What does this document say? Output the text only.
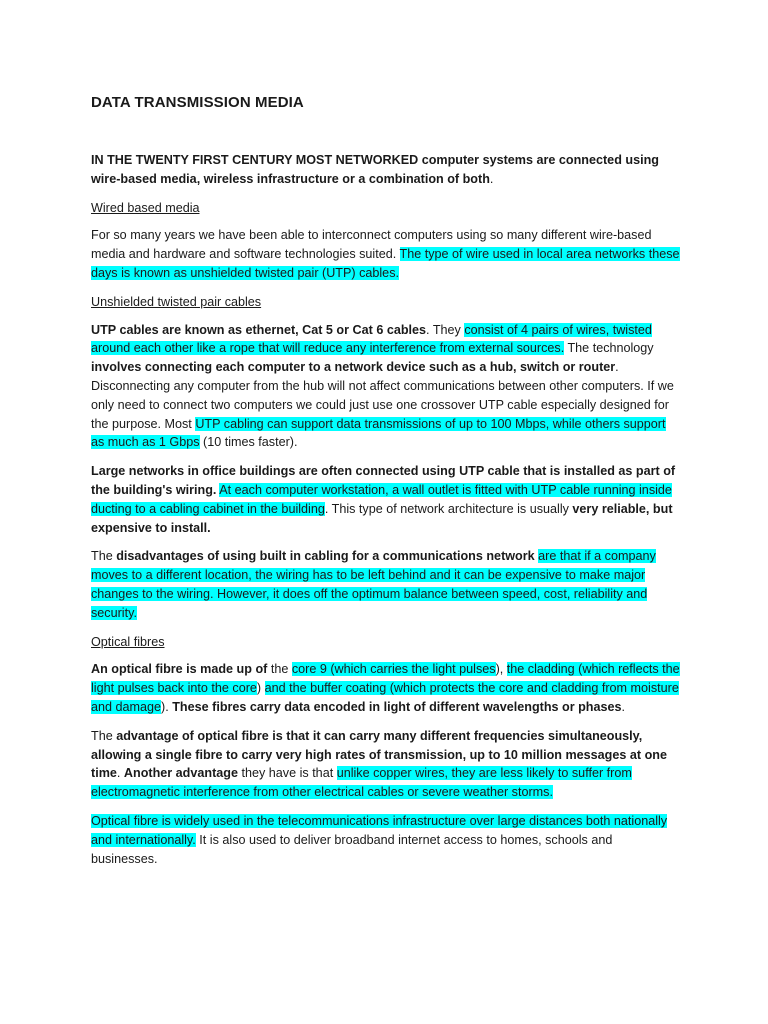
DATA TRANSMISSION MEDIA

IN THE TWENTY FIRST CENTURY MOST NETWORKED computer systems are connected using wire-based media, wireless infrastructure or a combination of both.

Wired based media

For so many years we have been able to interconnect computers using so many different wire-based media and hardware and software technologies suited. The type of wire used in local area networks these days is known as unshielded twisted pair (UTP) cables.

Unshielded twisted pair cables

UTP cables are known as ethernet, Cat 5 or Cat 6 cables. They consist of 4 pairs of wires, twisted around each other like a rope that will reduce any interference from external sources. The technology involves connecting each computer to a network device such as a hub, switch or router. Disconnecting any computer from the hub will not affect communications between other computers. If we only need to connect two computers we could just use one crossover UTP cable especially designed for the purpose. Most UTP cabling can support data transmissions of up to 100 Mbps, while others support as much as 1 Gbps (10 times faster).

Large networks in office buildings are often connected using UTP cable that is installed as part of the building's wiring. At each computer workstation, a wall outlet is fitted with UTP cable running inside ducting to a cabling cabinet in the building. This type of network architecture is usually very reliable, but expensive to install.

The disadvantages of using built in cabling for a communications network are that if a company moves to a different location, the wiring has to be left behind and it can be expensive to make major changes to the wiring. However, it does off the optimum balance between speed, cost, reliability and security.

Optical fibres

An optical fibre is made up of the core 9 (which carries the light pulses), the cladding (which reflects the light pulses back into the core) and the buffer coating (which protects the core and cladding from moisture and damage). These fibres carry data encoded in light of different wavelengths or phases.

The advantage of optical fibre is that it can carry many different frequencies simultaneously, allowing a single fibre to carry very high rates of transmission, up to 10 million messages at one time. Another advantage they have is that unlike copper wires, they are less likely to suffer from electromagnetic interference from other electrical cables or severe weather storms.

Optical fibre is widely used in the telecommunications infrastructure over large distances both nationally and internationally. It is also used to deliver broadband internet access to homes, schools and businesses.
